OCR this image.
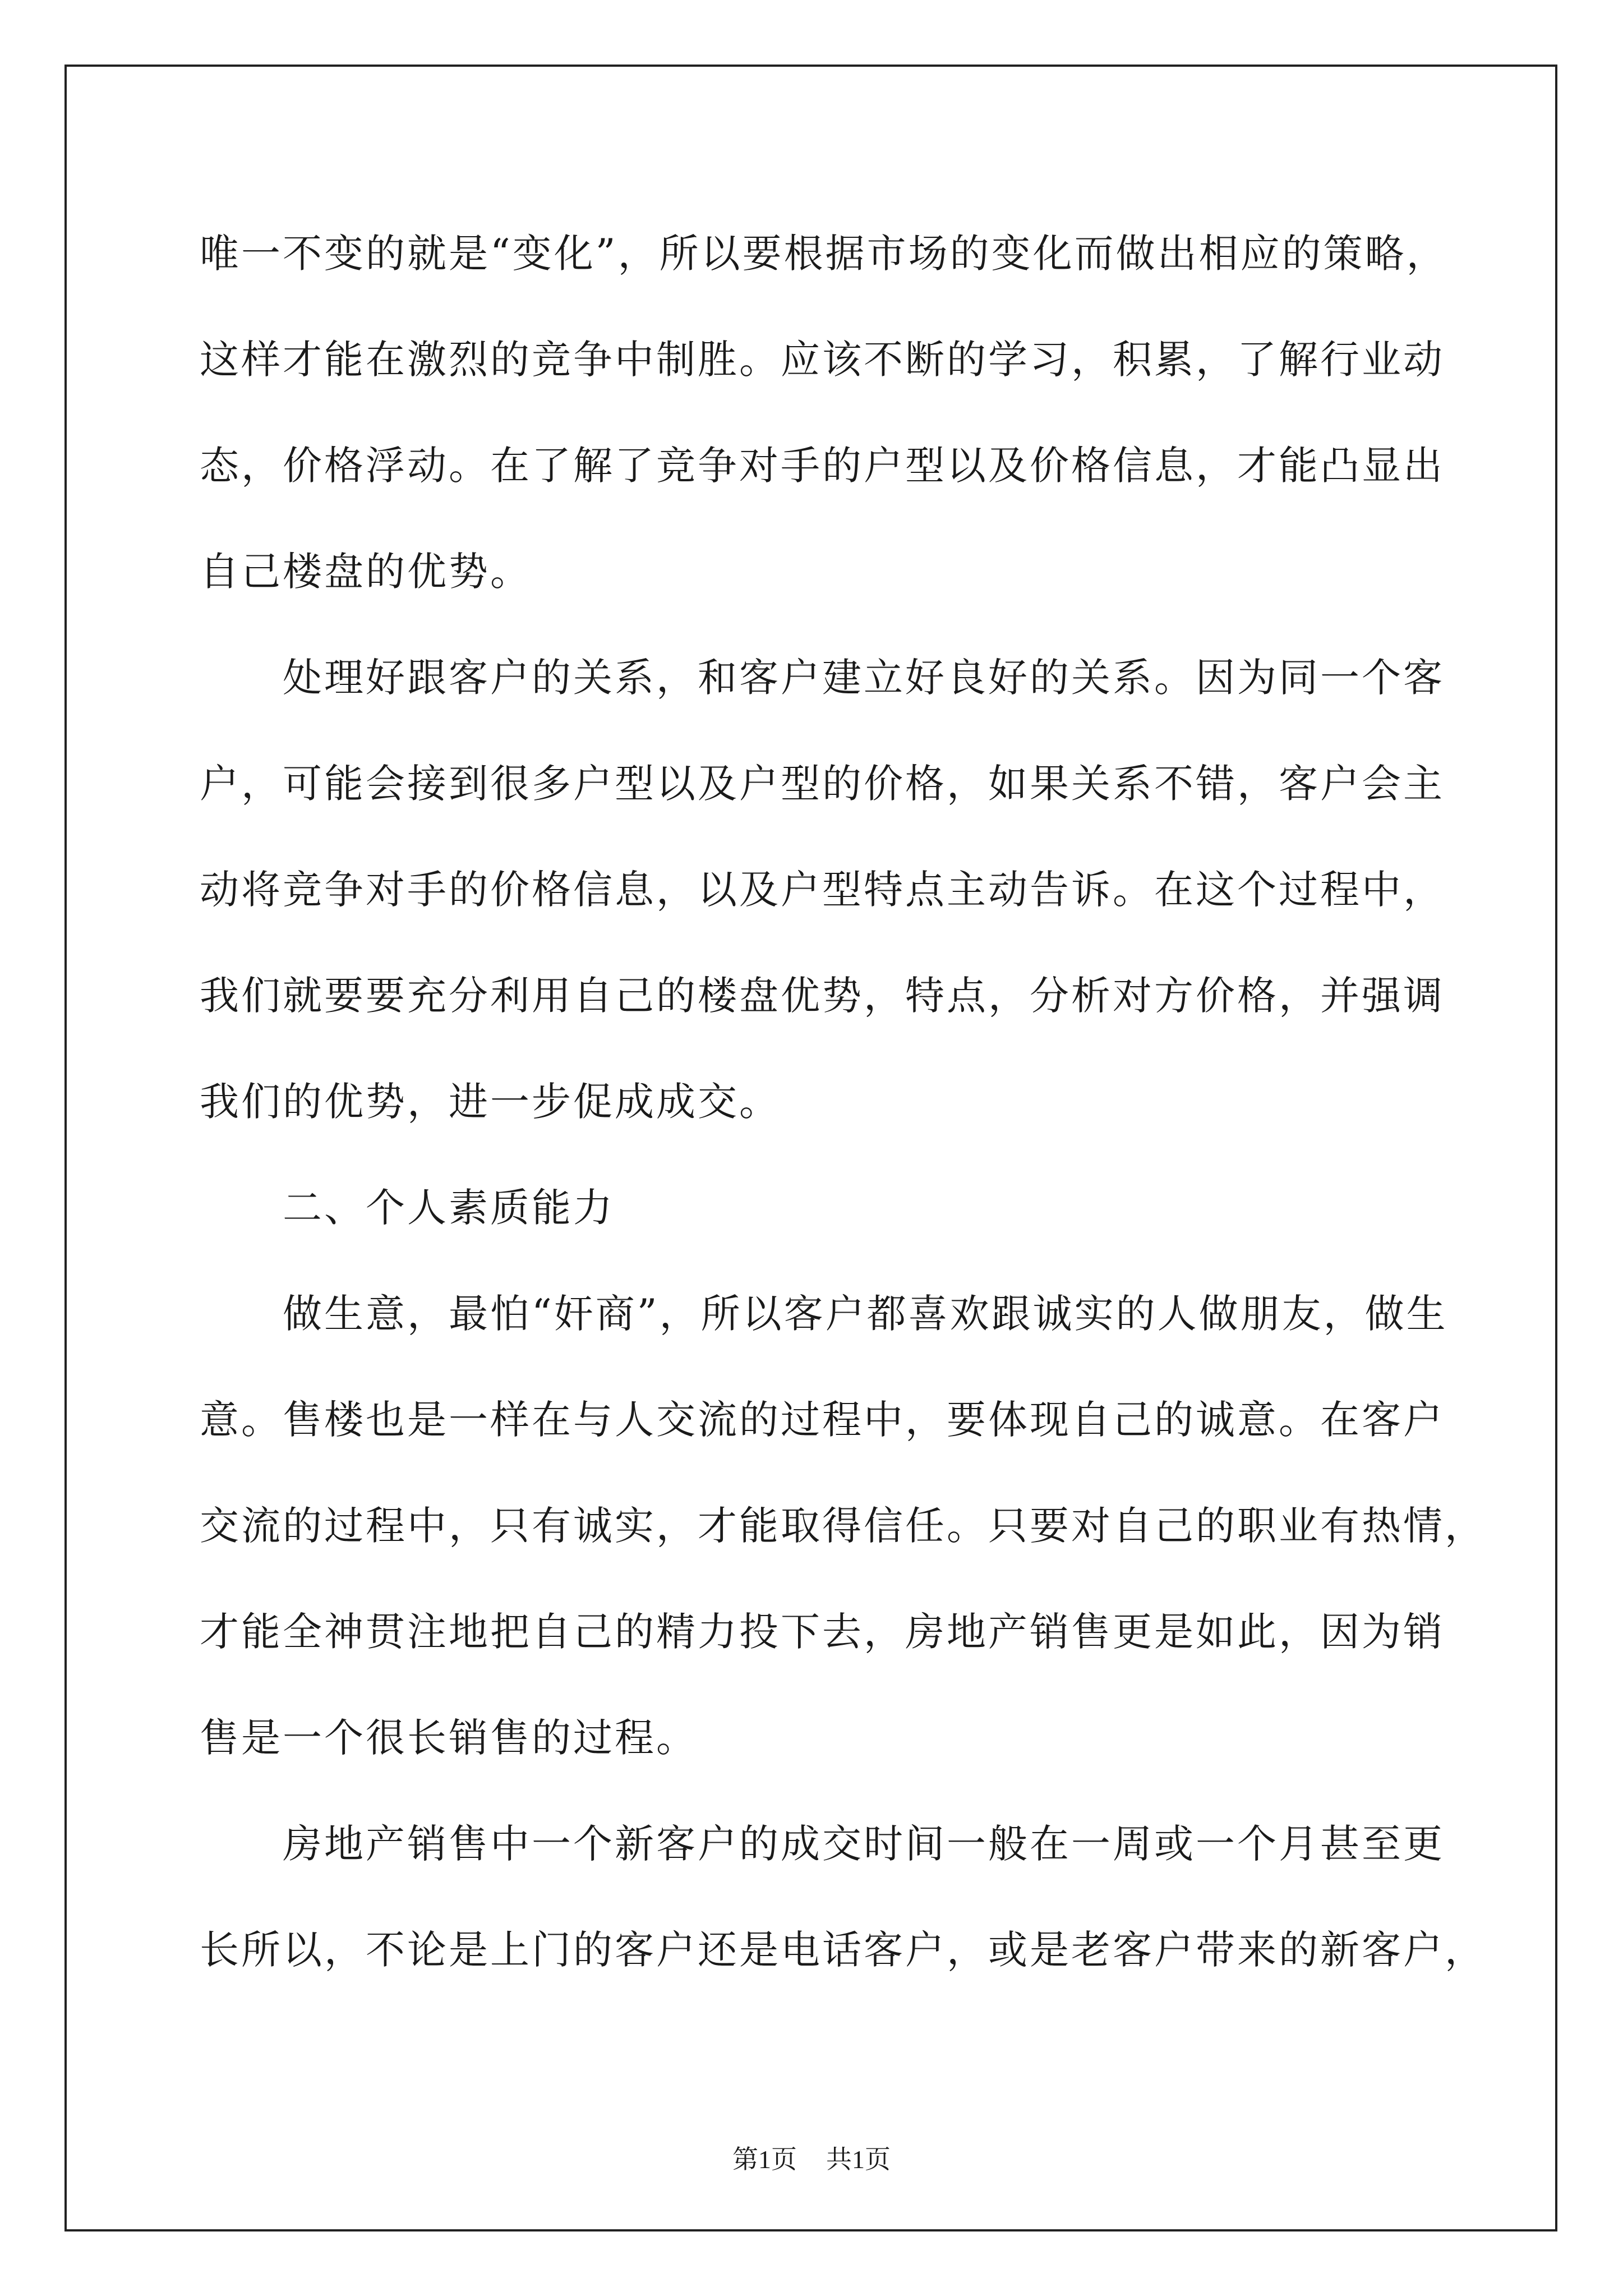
唯一不变的就是“变化”，所以要根据市场的变化而做出相应的策略，
这样才能在激烈的竞争中制胜。应该不断的学习，积累，了解行业动
态，价格浮动。在了解了竞争对手的户型以及价格信息，才能凸显出
自己楼盘的优势。

处理好跟客户的关系，和客户建立好良好的关系。因为同一个客
户，可能会接到很多户型以及户型的价格，如果关系不错，客户会主
动将竞争对手的价格信息，以及户型特点主动告诉。在这个过程中，
我们就要要充分利用自己的楼盘优势，特点，分析对方价格，并强调
我们的优势，进一步促成成交。

二、个人素质能力

做生意，最怕“奸商”，所以客户都喜欢跟诚实的人做朋友，做生
意。售楼也是一样在与人交流的过程中，要体现自己的诚意。在客户
交流的过程中，只有诚实，才能取得信任。只要对自己的职业有热情，
才能全神贯注地把自己的精力投下去，房地产销售更是如此，因为销
售是一个很长销售的过程。

房地产销售中一个新客户的成交时间一般在一周或一个月甚至更
长所以，不论是上门的客户还是电话客户，或是老客户带来的新客户，

第1页 共1页
